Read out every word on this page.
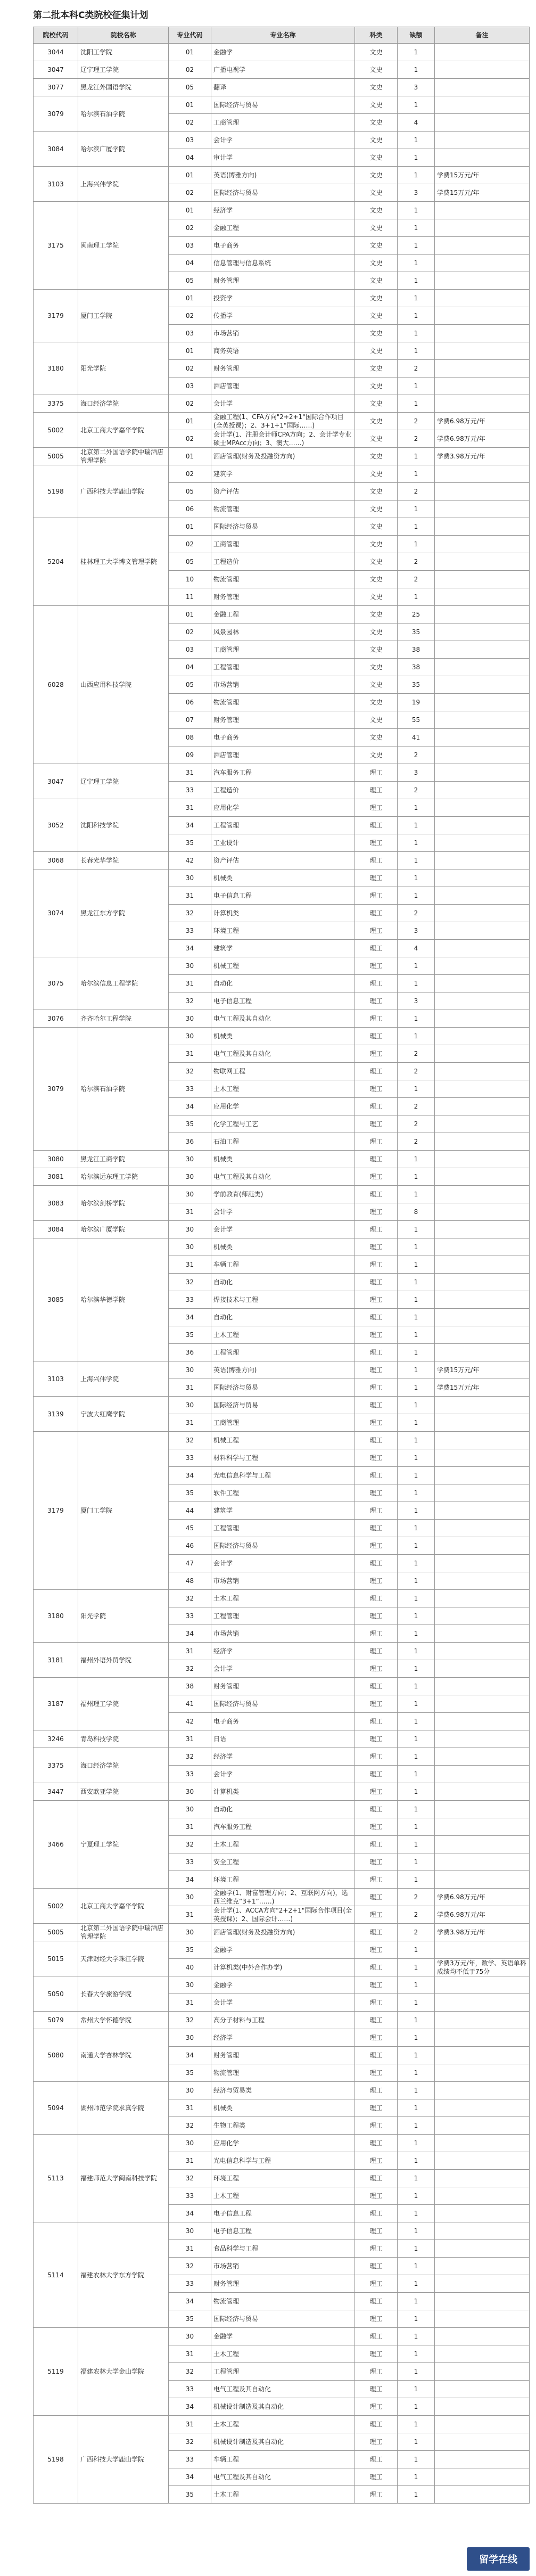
第二批本科C类院校征集计划
院校代码	院校名称	专业代码	专业名称	科类	缺额	备注
3044	沈阳工学院	01	金融学	文史	1	
3047	辽宁理工学院	02	广播电视学	文史	1	
3077	黑龙江外国语学院	05	翻译	文史	3	
3079	哈尔滨石油学院	01	国际经济与贸易	文史	1	
		02	工商管理	文史	4	
3084	哈尔滨广厦学院	03	会计学	文史	1	
		04	审计学	文史	1	
3103	上海兴伟学院	01	英语(博雅方向)	文史	1	学费15万元/年
		02	国际经济与贸易	文史	3	学费15万元/年
3175	闽南理工学院	01	经济学	文史	1	
		02	金融工程	文史	1	
		03	电子商务	文史	1	
		04	信息管理与信息系统	文史	1	
		05	财务管理	文史	1	
3179	厦门工学院	01	投资学	文史	1	
		02	传播学	文史	1	
		03	市场营销	文史	1	
3180	阳光学院	01	商务英语	文史	1	
		02	财务管理	文史	2	
		03	酒店管理	文史	1	
3375	海口经济学院	02	会计学	文史	1	
5002	北京工商大学嘉华学院	01	金融工程(1、CFA方向"2+2+1"国际合作项目(全英授课)；2、3+1+1"国际……)	文史	2	学费6.98万元/年
		02	会计学(1、注册会计师CPA方向；2、会计学专业硕士MPAcc方向；3、澳大……)	文史	2	学费6.98万元/年
5005	北京第二外国语学院中瑞酒店管理学院	01	酒店管理(财务及投融资方向)	文史	1	学费3.98万元/年
5198	广西科技大学鹿山学院	02	建筑学	文史	1	
		05	资产评估	文史	2	
		06	物流管理	文史	1	
5204	桂林理工大学博文管理学院	01	国际经济与贸易	文史	1	
		02	工商管理	文史	1	
		05	工程造价	文史	2	
		10	物流管理	文史	2	
		11	财务管理	文史	1	
6028	山西应用科技学院	01	金融工程	文史	25	
		02	风景园林	文史	35	
		03	工商管理	文史	38	
		04	工程管理	文史	38	
		05	市场营销	文史	35	
		06	物流管理	文史	19	
		07	财务管理	文史	55	
		08	电子商务	文史	41	
		09	酒店管理	文史	2	
3047	辽宁理工学院	31	汽车服务工程	理工	3	
		33	工程造价	理工	2	
3052	沈阳科技学院	31	应用化学	理工	1	
		34	工程管理	理工	1	
		35	工业设计	理工	1	
3068	长春光华学院	42	资产评估	理工	1	
3074	黑龙江东方学院	30	机械类	理工	1	
		31	电子信息工程	理工	1	
		32	计算机类	理工	2	
		33	环境工程	理工	3	
		34	建筑学	理工	4	
3075	哈尔滨信息工程学院	30	机械工程	理工	1	
		31	自动化	理工	1	
		32	电子信息工程	理工	3	
3076	齐齐哈尔工程学院	30	电气工程及其自动化	理工	1	
3079	哈尔滨石油学院	30	机械类	理工	1	
		31	电气工程及其自动化	理工	2	
		32	物联网工程	理工	2	
		33	土木工程	理工	1	
		34	应用化学	理工	2	
		35	化学工程与工艺	理工	2	
		36	石油工程	理工	2	
3080	黑龙江工商学院	30	机械类	理工	1	
3081	哈尔滨远东理工学院	30	电气工程及其自动化	理工	1	
3083	哈尔滨剑桥学院	30	学前教育(师范类)	理工	1	
		31	会计学	理工	8	
3084	哈尔滨广厦学院	30	会计学	理工	1	
3085	哈尔滨华德学院	30	机械类	理工	1	
		31	车辆工程	理工	1	
		32	自动化	理工	1	
		33	焊接技术与工程	理工	1	
		34	自动化	理工	1	
		35	土木工程	理工	1	
		36	工程管理	理工	1	
3103	上海兴伟学院	30	英语(博雅方向)	理工	1	学费15万元/年
		31	国际经济与贸易	理工	1	学费15万元/年
3139	宁波大红鹰学院	30	国际经济与贸易	理工	1	
		31	工商管理	理工	1	
3179	厦门工学院	32	机械工程	理工	1	
		33	材料科学与工程	理工	1	
		34	光电信息科学与工程	理工	1	
		35	软件工程	理工	1	
		44	建筑学	理工	1	
		45	工程管理	理工	1	
		46	国际经济与贸易	理工	1	
		47	会计学	理工	1	
		48	市场营销	理工	1	
3180	阳光学院	32	土木工程	理工	1	
		33	工程管理	理工	1	
		34	市场营销	理工	1	
3181	福州外语外贸学院	31	经济学	理工	1	
		32	会计学	理工	1	
3187	福州理工学院	38	财务管理	理工	1	
		41	国际经济与贸易	理工	1	
		42	电子商务	理工	1	
3246	青岛科技学院	31	日语	理工	1	
3375	海口经济学院	32	经济学	理工	1	
		33	会计学	理工	1	
3447	西安欧亚学院	30	计算机类	理工	1	
3466	宁夏理工学院	30	自动化	理工	1	
		31	汽车服务工程	理工	1	
		32	土木工程	理工	1	
		33	安全工程	理工	1	
		34	环境工程	理工	1	
5002	北京工商大学嘉华学院	30	金融学(1、财富管理方向；2、互联网方向)，选西兰维克“3+1”……)	理工	2	学费6.98万元/年
		31	会计学(1、ACCA方向"2+2+1"国际合作项目(全英授课)；2、国际会计……)	理工	2	学费6.98万元/年
5005	北京第二外国语学院中瑞酒店管理学院	30	酒店管理(财务及投融资方向)	理工	2	学费3.98万元/年
5015	天津财经大学珠江学院	35	金融学	理工	1	
		40	计算机类(中外合作办学)	理工	1	学费3万元/年，数学、英语单科成绩均不低于75分
5050	长春大学旅游学院	30	金融学	理工	1	
		31	会计学	理工	1	
5079	常州大学怀德学院	32	高分子材料与工程	理工	1	
5080	南通大学杏林学院	30	经济学	理工	1	
		34	财务管理	理工	1	
		35	物流管理	理工	1	
5094	湖州师范学院求真学院	30	经济与贸易类	理工	1	
		31	机械类	理工	1	
		32	生物工程类	理工	1	
5113	福建师范大学闽南科技学院	30	应用化学	理工	1	
		31	光电信息科学与工程	理工	1	
		32	环境工程	理工	1	
		33	土木工程	理工	1	
		34	电子信息工程	理工	1	
5114	福建农林大学东方学院	30	电子信息工程	理工	1	
		31	食品科学与工程	理工	1	
		32	市场营销	理工	1	
		33	财务管理	理工	1	
		34	物流管理	理工	1	
		35	国际经济与贸易	理工	1	
5119	福建农林大学金山学院	30	金融学	理工	1	
		31	土木工程	理工	1	
		32	工程管理	理工	1	
		33	电气工程及其自动化	理工	1	
		34	机械设计制造及其自动化	理工	1	
5198	广西科技大学鹿山学院	31	土木工程	理工	1	
		32	机械设计制造及其自动化	理工	1	
		33	车辆工程	理工	1	
		34	电气工程及其自动化	理工	1	
		35	土木工程	理工	1	
留学在线
